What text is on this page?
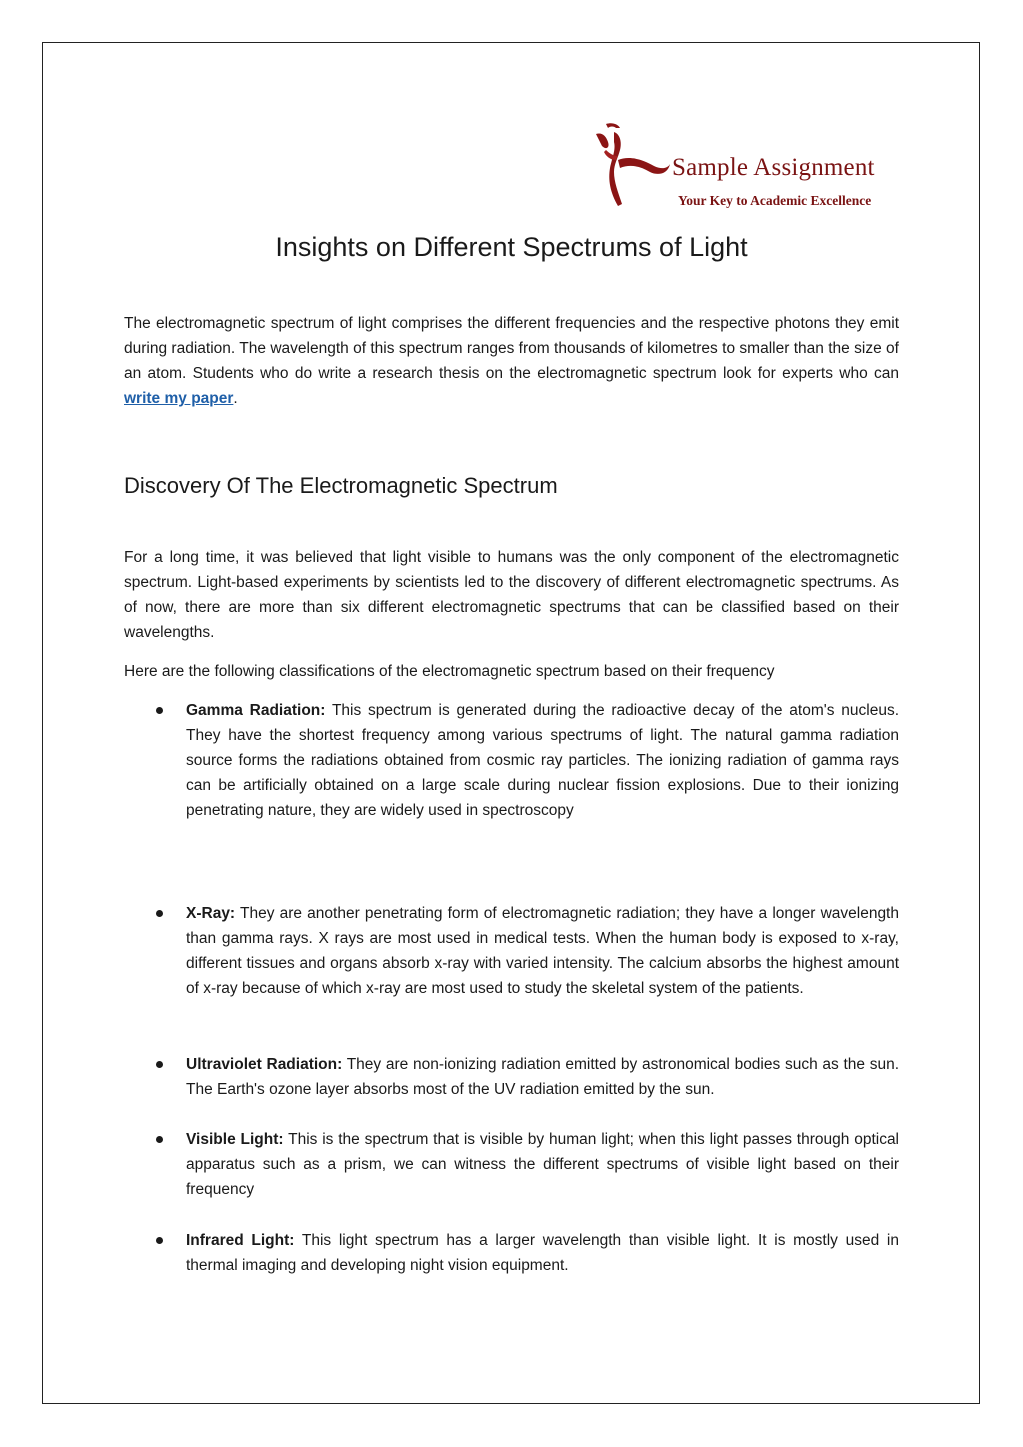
Sample Assignment
Your Key to Academic Excellence
Insights on Different Spectrums of Light
The electromagnetic spectrum of light comprises the different frequencies and the respective photons they emit during radiation. The wavelength of this spectrum ranges from thousands of kilometres to smaller than the size of an atom. Students who do write a research thesis on the electromagnetic spectrum look for experts who can write my paper.
Discovery Of The Electromagnetic Spectrum
For a long time, it was believed that light visible to humans was the only component of the electromagnetic spectrum. Light-based experiments by scientists led to the discovery of different electromagnetic spectrums. As of now, there are more than six different electromagnetic spectrums that can be classified based on their wavelengths.
Here are the following classifications of the electromagnetic spectrum based on their frequency
Gamma Radiation: This spectrum is generated during the radioactive decay of the atom's nucleus. They have the shortest frequency among various spectrums of light. The natural gamma radiation source forms the radiations obtained from cosmic ray particles. The ionizing radiation of gamma rays can be artificially obtained on a large scale during nuclear fission explosions. Due to their ionizing penetrating nature, they are widely used in spectroscopy
X-Ray: They are another penetrating form of electromagnetic radiation; they have a longer wavelength than gamma rays. X rays are most used in medical tests. When the human body is exposed to x-ray, different tissues and organs absorb x-ray with varied intensity. The calcium absorbs the highest amount of x-ray because of which x-ray are most used to study the skeletal system of the patients.
Ultraviolet Radiation: They are non-ionizing radiation emitted by astronomical bodies such as the sun. The Earth's ozone layer absorbs most of the UV radiation emitted by the sun.
Visible Light: This is the spectrum that is visible by human light; when this light passes through optical apparatus such as a prism, we can witness the different spectrums of visible light based on their frequency
Infrared Light: This light spectrum has a larger wavelength than visible light. It is mostly used in thermal imaging and developing night vision equipment.
